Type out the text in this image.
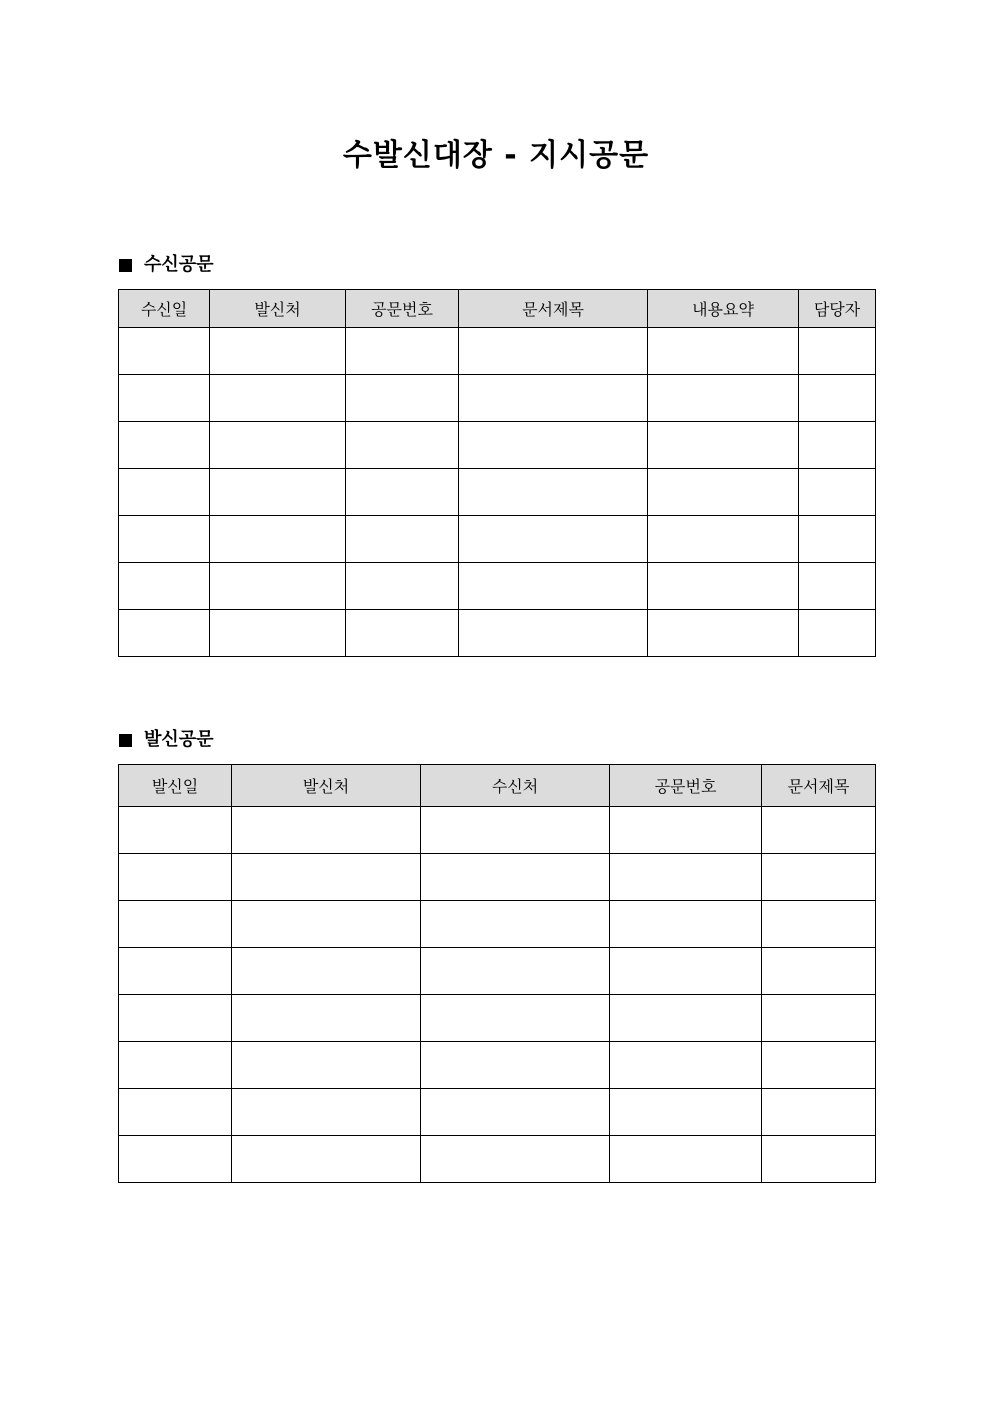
수발신대장 - 지시공문
수신공문
수신일	발신처	공문번호	문서제목	내용요약	담당자

발신공문
발신일	발신처	수신처	공문번호	문서제목
